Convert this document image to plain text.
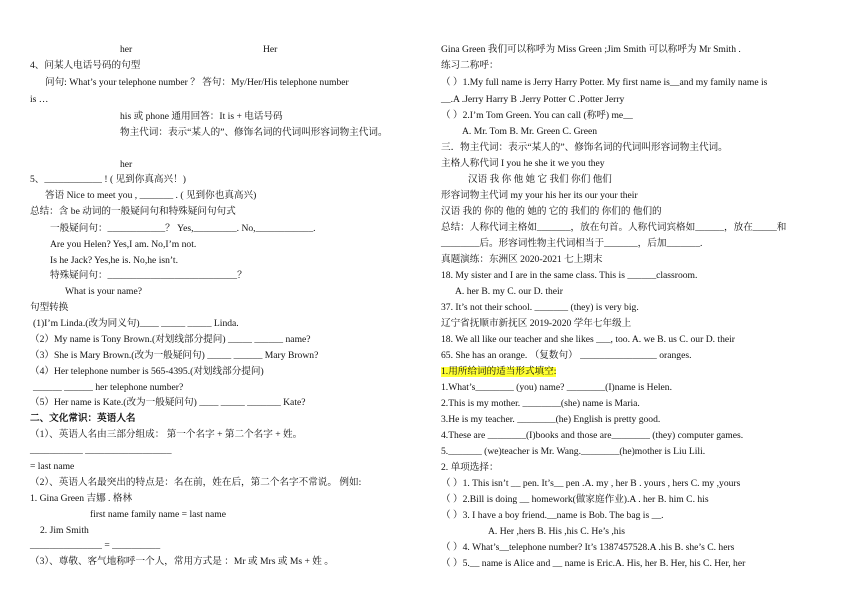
her	Her
4、问某人电话号码的句型
问句: What’s your telephone number ？ 答句：My/Her/His telephone number
is …
his 或 phone 通用回答：It is + 电话号码
物主代词：表示“某人的”、修饰名词的代词叫形容词物主代词。
her
5、____________ ! ( 见到你真高兴！)
答语 Nice to meet you , _______ . ( 见到你也真高兴)
总结：含 be 动词的一般疑问句和特殊疑问句句式
一般疑问句：____________？ Yes,_________. No,____________.
Are you Helen? Yes,I am. No,I’m not.
Is he Jack? Yes,he is. No,he isn’t.
特殊疑问句：___________________________？
What is your name?
句型转换
(1)I’m Linda.(改为同义句)____ _____ _____ Linda.
（2）My name is Tony Brown.(对划线部分提问) _____ ______ name?
（3）She is Mary Brown.(改为一般疑问句) _____ ______ Mary Brown?
（4）Her telephone number is 565-4395.(对划线部分提问)
______ ______ her telephone number?
（5）Her name is Kate.(改为一般疑问句) ____ _____ _______ Kate?
二、文化常识：英语人名
（1）、英语人名由三部分组成： 第一个名字 + 第二个名字 + 姓。
___________ __________________
= last name
（2）、英语人名最突出的特点是：名在前，姓在后，第二个名字不常说。 例如:
1. Gina Green 吉娜 . 格林
first name family name = last name
2. Jim Smith
_______________ = __________
（3）、尊敬、客气地称呼一个人，常用方式是 ：Mr 或 Mrs 或 Ms + 姓 。
Gina Green 我们可以称呼为 Miss Green ;Jim Smith 可以称呼为 Mr Smith .
练习二称呼：
（ ）1.My full name is Jerry Harry Potter. My first name is__and my family name is
__.A .Jerry Harry B .Jerry Potter C .Potter Jerry
（ ）2.I’m Tom Green. You can call (称呼) me__
A. Mr. Tom B. Mr. Green C. Green
三．物主代词：表示“某人的”、修饰名词的代词叫形容词物主代词。
主格人称代词 I you he she it we you they
汉语 我 你 他 她 它 我们 你们 他们
形容词物主代词 my your his her its our your their
汉语 我的 你的 他的 她的 它的 我们的 你们的 他们的
总结：人称代词主格如_______，放在句首。人称代词宾格如______，放在_____和
________后。形容词性物主代词相当于_______，后加_______.
真题演练：东洲区 2020-2021 七上期末
18. My sister and I are in the same class. This is ______classroom.
A. her B. my C. our D. their
37. It’s not their school. _______ (they) is very big.
辽宁省抚顺市新抚区 2019-2020 学年七年级上
18. We all like our teacher and she likes ___, too. A. we B. us C. our D. their
65. She has an orange. （复数句） ________________ oranges.
1.用所给词的适当形式填空:
1.What’s________ (you) name? ________(I)name is Helen.
2.This is my mother. ________(she) name is Maria.
3.He is my teacher. ________(he) English is pretty good.
4.These are ________(I)books and those are________ (they) computer games.
5._______ (we)teacher is Mr. Wang.________(he)mother is Liu Lili.
2. 单项选择：
（ ）1. This isn’t __ pen. It’s__ pen .A. my , her B . yours , hers C. my ,yours
（ ）2.Bill is doing __ homework(做家庭作业).A . her B. him C. his
（ ）3. I have a boy friend.__name is Bob. The bag is __.
A. Her ,hers B. His ,his C. He’s ,his
（ ）4. What’s__telephone number? It’s 1387457528.A .his B. she’s C. hers
（ ）5.__ name is Alice and __ name is Eric.A. His, her B. Her, his C. Her, her
